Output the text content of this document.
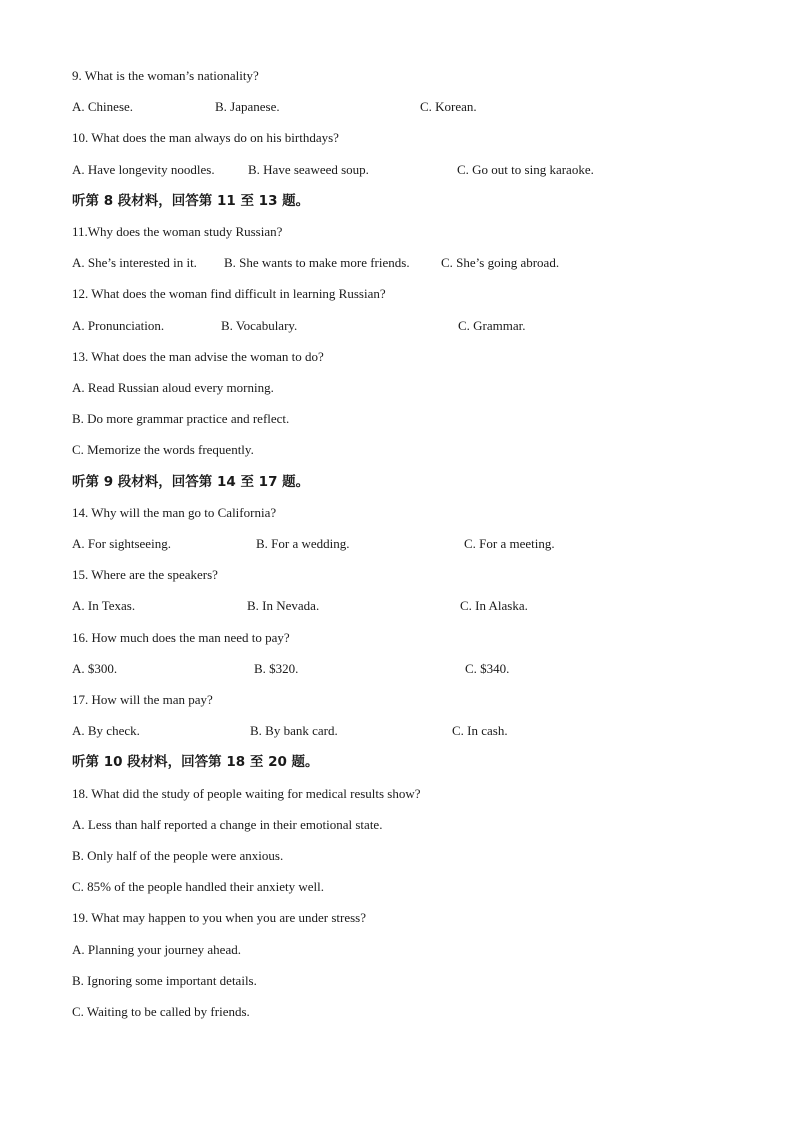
9. What is the woman’s nationality?
A. Chinese.	B. Japanese.	C. Korean.
10. What does the man always do on his birthdays?
A. Have longevity noodles.	B. Have seaweed soup.	C. Go out to sing karaoke.
听第 8 段材料，回答第 11 至 13 题。
11.Why does the woman study Russian?
A. She’s interested in it. B. She wants to make more friends. C. She’s going abroad.
12. What does the woman find difficult in learning Russian?
A. Pronunciation.	B. Vocabulary.	C. Grammar.
13. What does the man advise the woman to do?
A. Read Russian aloud every morning.
B. Do more grammar practice and reflect.
C. Memorize the words frequently.
听第 9 段材料，回答第 14 至 17 题。
14. Why will the man go to California?
A. For sightseeing.	B. For a wedding.	C. For a meeting.
15. Where are the speakers?
A. In Texas.	B. In Nevada.	C. In Alaska.
16. How much does the man need to pay?
A. $300.	B. $320.	C. $340.
17. How will the man pay?
A. By check.	B. By bank card.	C. In cash.
听第 10 段材料，回答第 18 至 20 题。
18. What did the study of people waiting for medical results show?
A. Less than half reported a change in their emotional state.
B. Only half of the people were anxious.
C. 85% of the people handled their anxiety well.
19. What may happen to you when you are under stress?
A. Planning your journey ahead.
B. Ignoring some important details.
C. Waiting to be called by friends.
